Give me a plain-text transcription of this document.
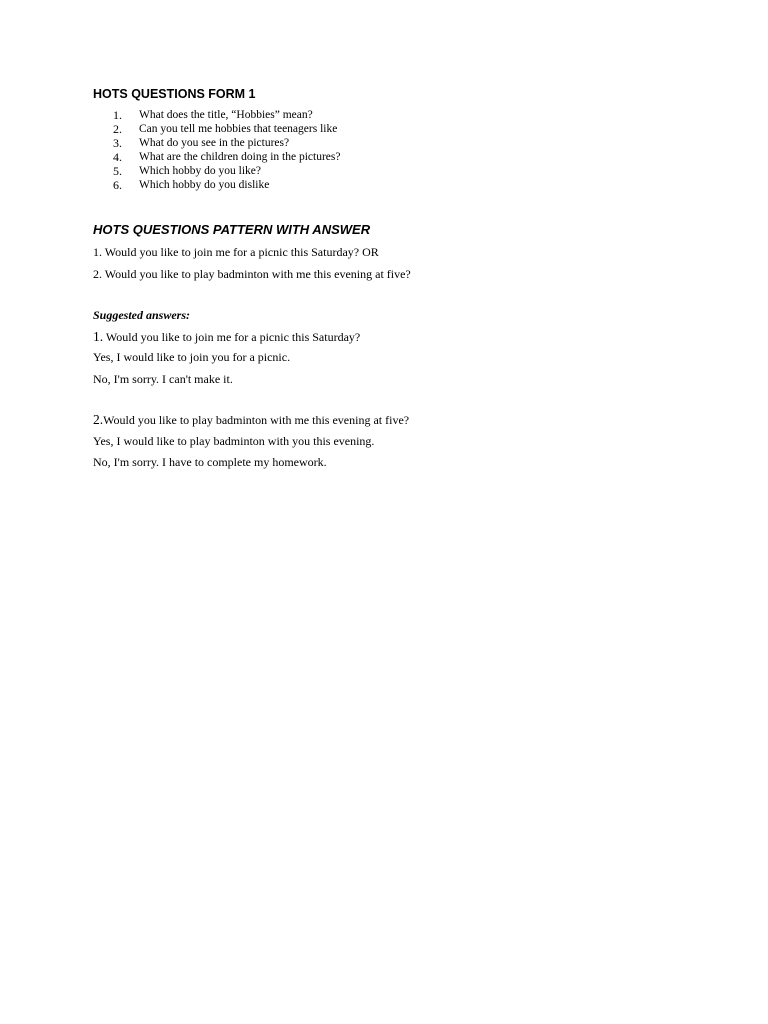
HOTS QUESTIONS FORM 1
1.	What does the title, “Hobbies” mean?
2.	Can you tell me hobbies that teenagers like
3.	What do you see in the pictures?
4.	What are the children doing in the pictures?
5.	Which hobby do you like?
6.	Which hobby do you dislike
HOTS QUESTIONS PATTERN WITH ANSWER

1. Would you like to join me for a picnic this Saturday? OR

2. Would you like to play badminton with me this evening at five?

Suggested answers:

1. Would you like to join me for a picnic this Saturday?

Yes, I would like to join you for a picnic.

No, I'm sorry. I can't make it.

2.Would you like to play badminton with me this evening at five?

Yes, I would like to play badminton with you this evening.

No, I'm sorry. I have to complete my homework.
